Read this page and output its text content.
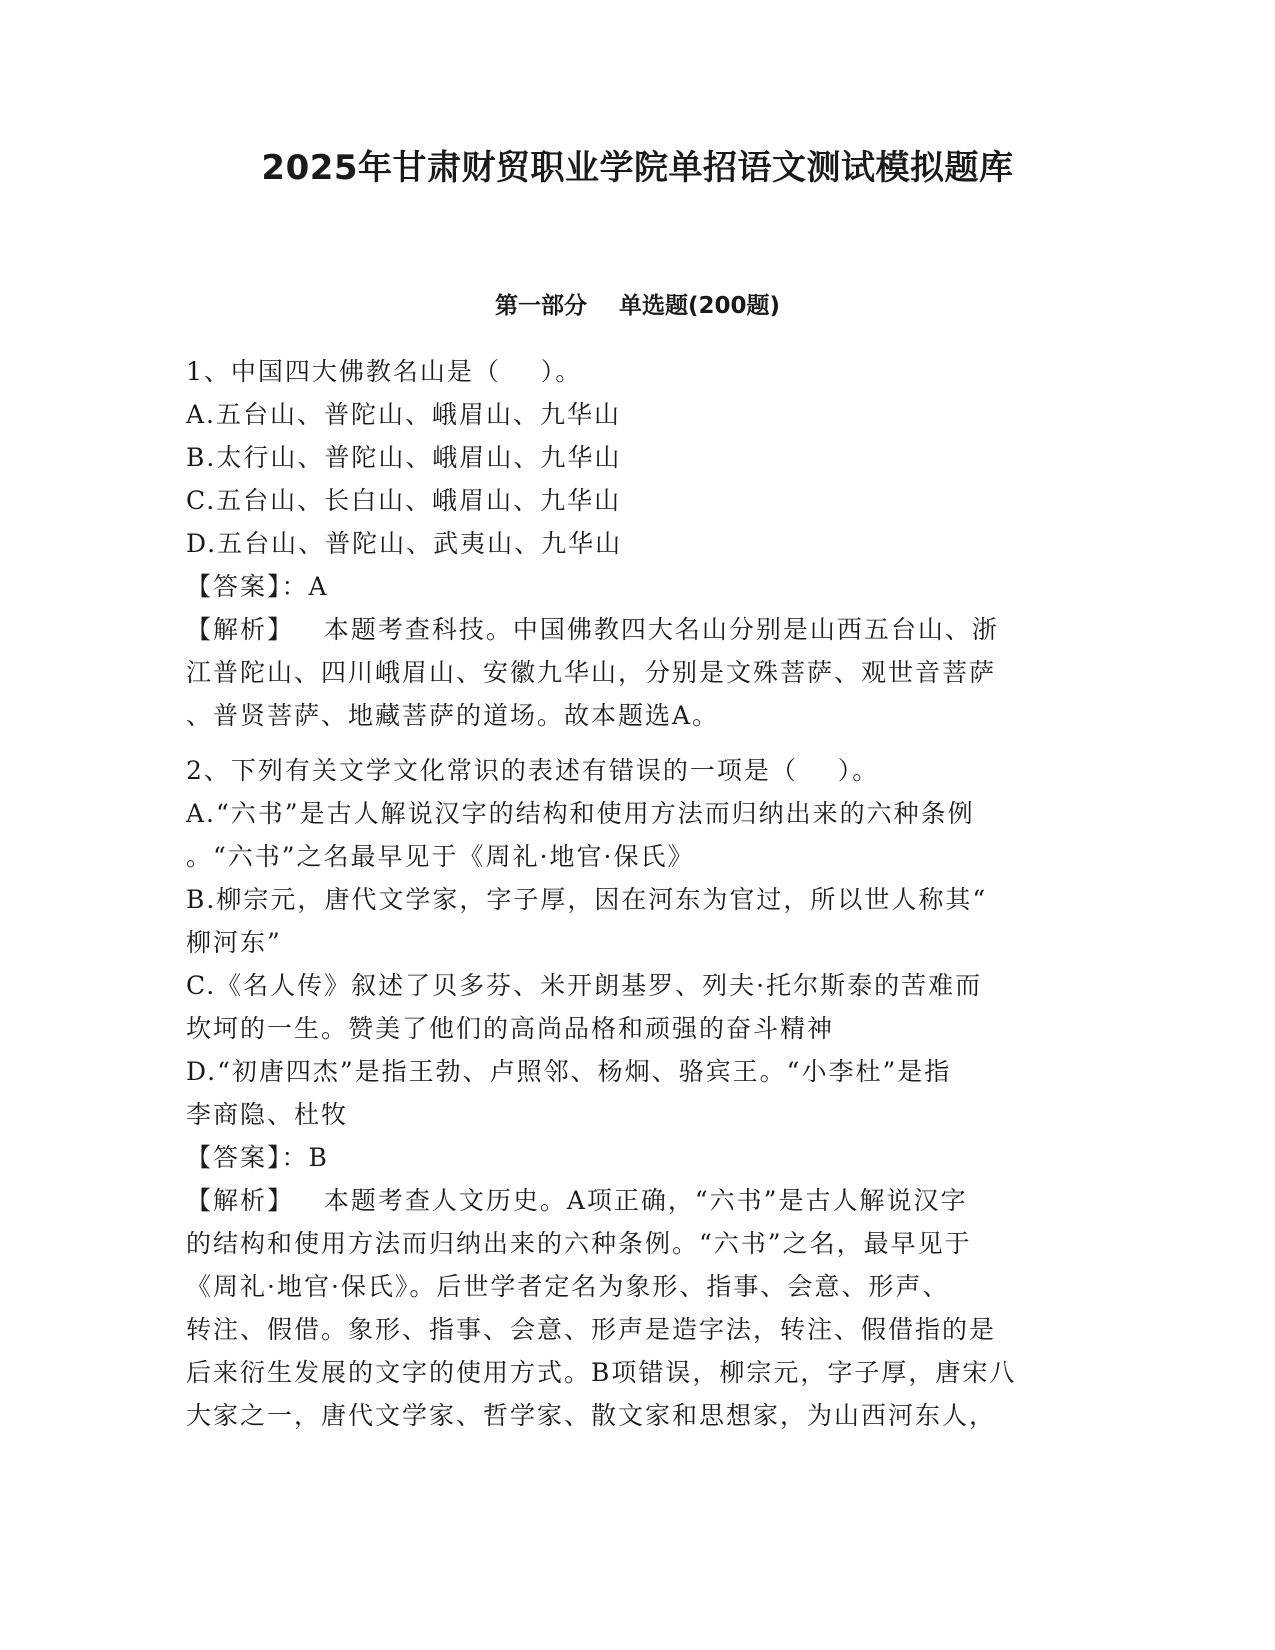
2025年甘肃财贸职业学院单招语文测试模拟题库
第一部分    单选题(200题)
1、中国四大佛教名山是（    ）。
A.五台山、普陀山、峨眉山、九华山
B.太行山、普陀山、峨眉山、九华山
C.五台山、长白山、峨眉山、九华山
D.五台山、普陀山、武夷山、九华山
【答案】：A
【解析】   本题考查科技。中国佛教四大名山分别是山西五台山、浙
江普陀山、四川峨眉山、安徽九华山，分别是文殊菩萨、观世音菩萨
、普贤菩萨、地藏菩萨的道场。故本题选A。
2、下列有关文学文化常识的表述有错误的一项是（    ）。
A.“六书”是古人解说汉字的结构和使用方法而归纳出来的六种条例
。“六书”之名最早见于《周礼·地官·保氏》
B.柳宗元，唐代文学家，字子厚，因在河东为官过，所以世人称其“
柳河东”
C.《名人传》叙述了贝多芬、米开朗基罗、列夫·托尔斯泰的苦难而
坎坷的一生。赞美了他们的高尚品格和顽强的奋斗精神
D.“初唐四杰”是指王勃、卢照邻、杨炯、骆宾王。“小李杜”是指
李商隐、杜牧
【答案】：B
【解析】   本题考查人文历史。A项正确，“六书”是古人解说汉字
的结构和使用方法而归纳出来的六种条例。“六书”之名，最早见于
《周礼·地官·保氏》。后世学者定名为象形、指事、会意、形声、
转注、假借。象形、指事、会意、形声是造字法，转注、假借指的是
后来衍生发展的文字的使用方式。B项错误，柳宗元，字子厚，唐宋八
大家之一，唐代文学家、哲学家、散文家和思想家，为山西河东人，
